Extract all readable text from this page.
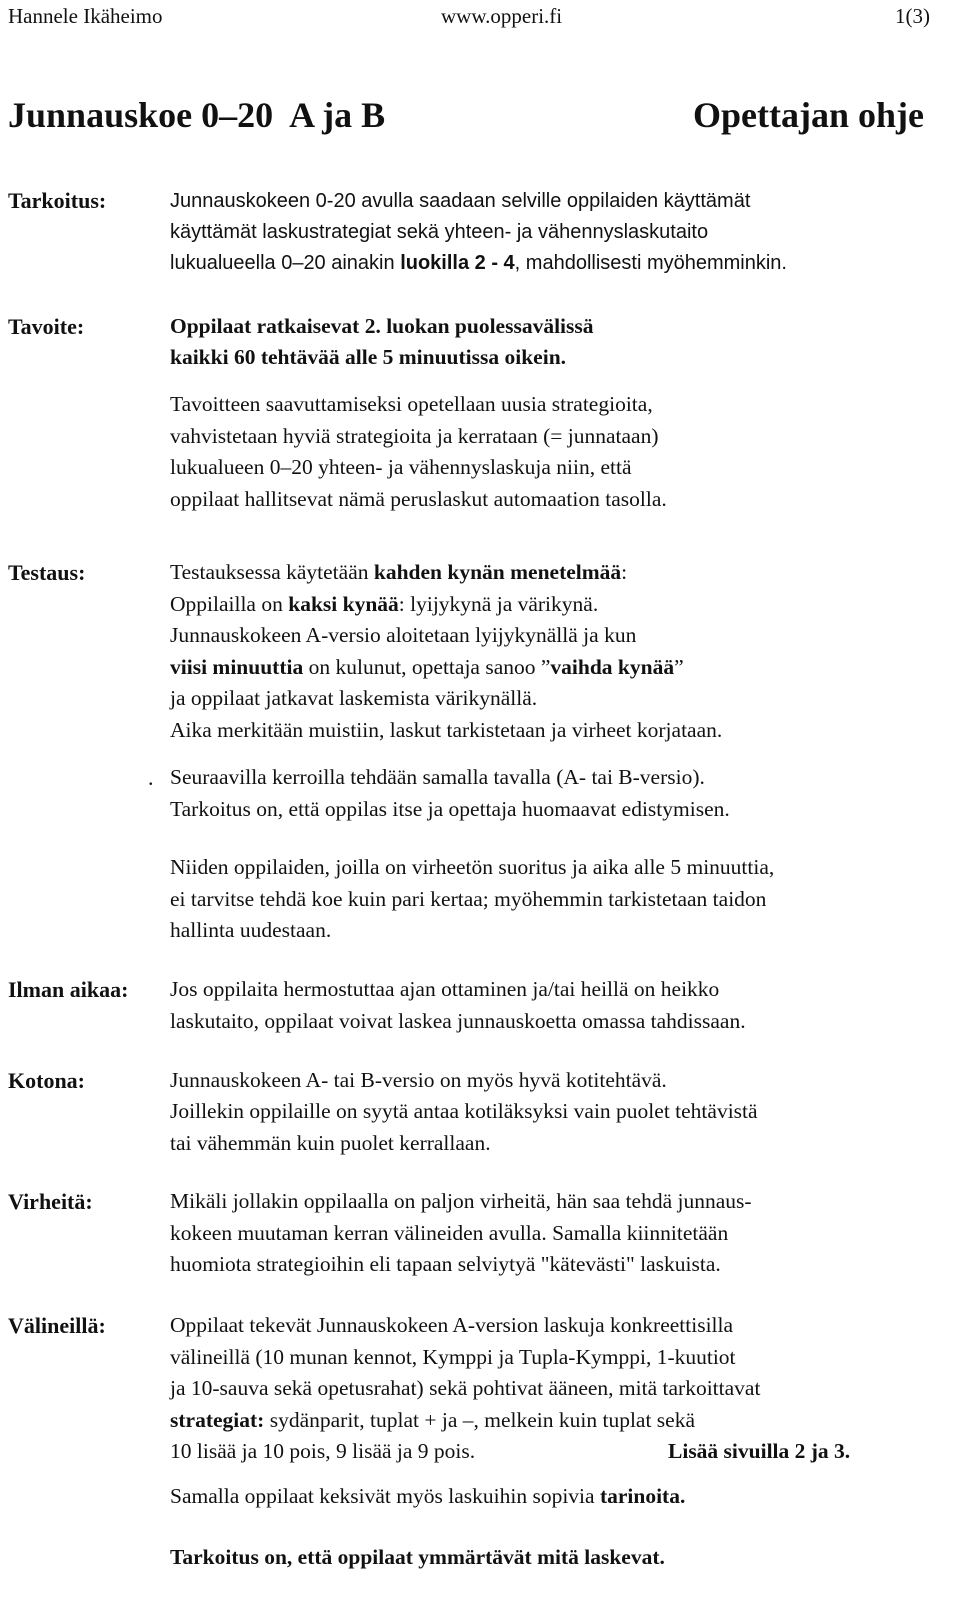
Hannele Ikäheimo	www.opperi.fi	1(3)
Junnauskoe 0–20  A ja B	Opettajan ohje
Tarkoitus:	Junnauskokeen 0-20 avulla saadaan selville oppilaiden käyttämät
käyttämät laskustrategiat sekä yhteen- ja vähennyslaskutaito
lukualueella 0–20 ainakin luokilla 2 - 4, mahdollisesti myöhemminkin.
Tavoite:	Oppilaat ratkaisevat 2. luokan puolessavälissä
kaikki 60 tehtävää alle 5 minuutissa oikein.
Tavoitteen saavuttamiseksi opetellaan uusia strategioita,
vahvistetaan hyviä strategioita ja kerrataan (= junnataan)
lukualueen 0–20 yhteen- ja vähennyslaskuja niin, että
oppilaat hallitsevat nämä peruslaskut automaation tasolla.
Testaus:	Testauksessa käytetään kahden kynän menetelmää:
Oppilailla on kaksi kynää: lyijykynä ja värikynä.
Junnauskokeen A-versio aloitetaan lyijykynällä ja kun
viisi minuuttia on kulunut, opettaja sanoo ”vaihda kynää”
ja oppilaat jatkavat laskemista värikynällä.
Aika merkitään muistiin, laskut tarkistetaan ja virheet korjataan.
. Seuraavilla kerroilla tehdään samalla tavalla (A- tai B-versio).
Tarkoitus on, että oppilas itse ja opettaja huomaavat edistymisen.
Niiden oppilaiden, joilla on virheetön suoritus ja aika alle 5 minuuttia,
ei tarvitse tehdä koe kuin pari kertaa; myöhemmin tarkistetaan taidon
hallinta uudestaan.
Ilman aikaa: Jos oppilaita hermostuttaa ajan ottaminen ja/tai heillä on heikko
laskutaito, oppilaat voivat laskea junnauskoetta omassa tahdissaan.
Kotona:	Junnauskokeen A- tai B-versio on myös hyvä kotitehtävä.
Joillekin oppilaille on syytä antaa kotiläksyksi vain puolet tehtävistä
tai vähemmän kuin puolet kerrallaan.
Virheitä:	Mikäli jollakin oppilaalla on paljon virheitä, hän saa tehdä junnaus-
kokeen muutaman kerran välineiden avulla. Samalla kiinnitetään
huomiota strategioihin eli tapaan selviytyä "kätevästi" laskuista.
Välineillä:	Oppilaat tekevät Junnauskokeen A-version laskuja konkreettisilla
välineillä (10 munan kennot, Kymppi ja Tupla-Kymppi, 1-kuutiot
ja 10-sauva sekä opetusrahat) sekä pohtivat ääneen, mitä tarkoittavat
strategiat: sydänparit, tuplat + ja –, melkein kuin tuplat sekä
10 lisää ja 10 pois, 9 lisää ja 9 pois.	Lisää sivuilla 2 ja 3.
Samalla oppilaat keksivät myös laskuihin sopivia tarinoita.
Tarkoitus on, että oppilaat ymmärtävät mitä laskevat.
